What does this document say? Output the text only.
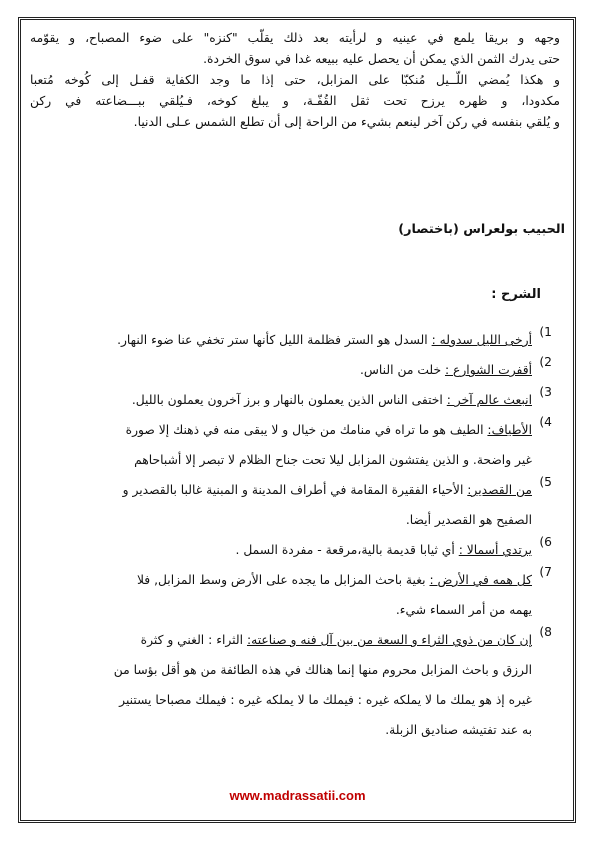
وجهه و بريقا يلمع في عينيه و لرأيته بعد ذلك يقلّب "كنزه" على ضوء المصباح، و يقوّمه
حتى يدرك الثمن الذي يمكن أن يحصل عليه ببيعه غدا في سوق الخردة.
و هكذا يُمضي اللّــيل مُنكبّا على المزابل، حتى إذا ما وجد الكفاية قفـل إلى كُوخه مُتعبا
مكدودا، و ظهره يرزح تحت ثقل القُفّـة، و يبلغ كوخه، فـيُلقي ببـــضاعته في ركن
و يُلقي بنفسه في ركن آخر لينعم بشيء من الراحة إلى أن تطلع الشمس عـلى الدنيا.

الحبيب بولعراس (باختصار)
الشرح :
1)
أرخى الليل سدوله : السدل هو الستر فظلمة الليل كأنها ستر تخفي عنا ضوء النهار.
2)
أقفرت الشوارع : خلت من الناس.
3)
انبعث عالم آخر : اختفى الناس الذين يعملون بالنهار و برز آخرون يعملون بالليل.
4)
الأطياف: الطيف هو ما تراه في منامك من خيال و لا يبقى منه في ذهنك إلا صورة
غير واضحة. و الذين يفتشون المزابل ليلا تحت جناح الظلام لا تبصر إلا أشباحاهم
5)
من القصدير: الأحياء الفقيرة المقامة في أطراف المدينة و المبنية غالبا بالقصدير و
الصفيح هو القصدير أيضا.
6)
يرتدي أسمالا : أي ثيابا قديمة بالية،مرقعة - مفردة السمل .
7)
كل همه في الأرض : بغية باحث المزابل ما يجده على الأرض وسط المزابل, فلا
يهمه من أمر السماء شيء.
8)
إن كان من ذوي الثراء و السعة من بين آل فنه و صناعته: الثراء : الغني و كثرة
الرزق و باحث المزابل محروم منها إنما هنالك في هذه الطائفة من هو أقل بؤسا من
غيره إذ هو يملك ما لا يملكه غيره : فيملك ما لا يملكه غيره : فيملك مصباحا يستنير
به عند تفتيشه صناديق الزبلة.
www.madrassatii.com
